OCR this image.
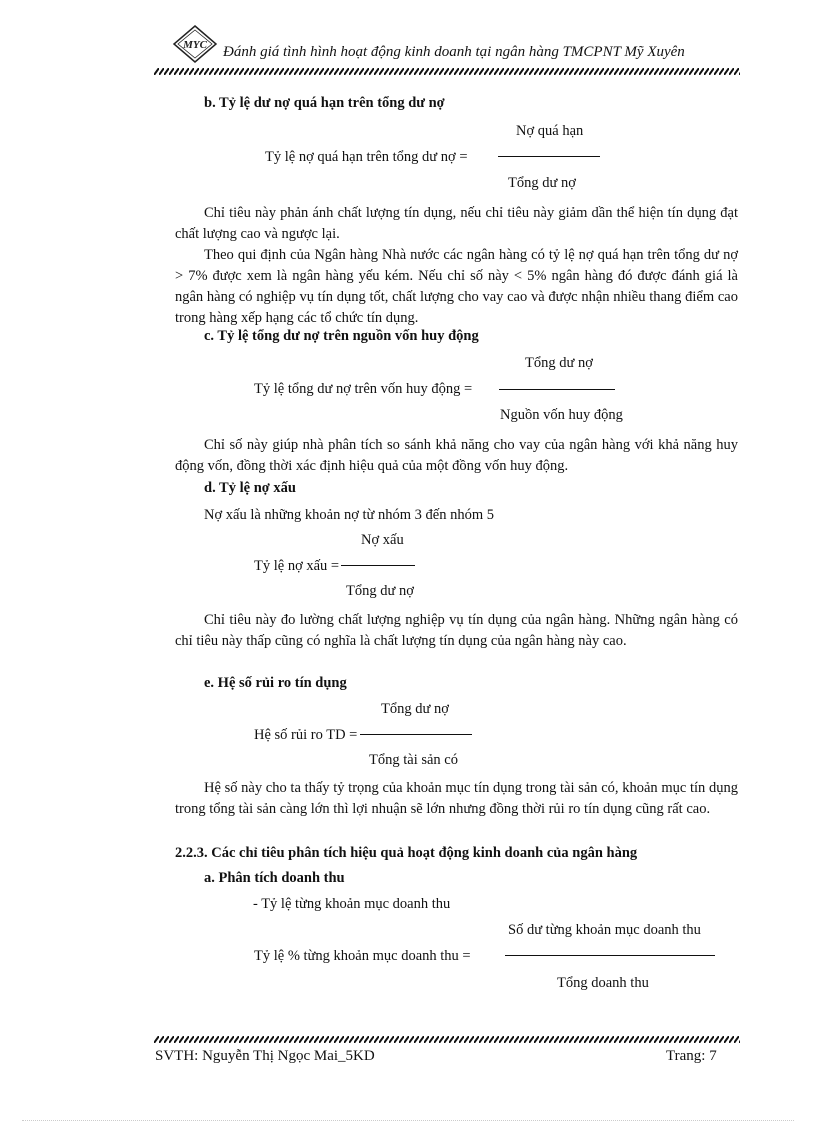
MYC Đánh giá tình hình hoạt động kinh doanh tại ngân hàng TMCPNT Mỹ Xuyên
b. Tỷ lệ dư nợ quá hạn trên tổng dư nợ
Nợ quá hạn
Tỷ lệ nợ quá hạn trên tổng dư nợ =
Tổng dư nợ
Chỉ tiêu này phản ánh chất lượng tín dụng, nếu chỉ tiêu này giảm dần thể hiện tín dụng đạt chất lượng cao và ngược lại.
Theo qui định của Ngân hàng Nhà nước các ngân hàng có tỷ lệ nợ quá hạn trên tổng dư nợ > 7% được xem là ngân hàng yếu kém. Nếu chỉ số này < 5% ngân hàng đó được đánh giá là ngân hàng có nghiệp vụ tín dụng tốt, chất lượng cho vay cao và được nhận nhiều thang điểm cao trong hàng xếp hạng các tổ chức tín dụng.
c. Tỷ lệ tổng dư nợ trên nguồn vốn huy động
Tổng dư nợ
Tỷ lệ tổng dư nợ trên vốn huy động =
Nguồn vốn huy động
Chỉ số này giúp nhà phân tích so sánh khả năng cho vay của ngân hàng với khả năng huy động vốn, đồng thời xác định hiệu quả của một đồng vốn huy động.
d. Tỷ lệ nợ xấu
Nợ xấu là những khoản nợ từ nhóm 3 đến nhóm 5
Nợ xấu
Tỷ lệ nợ xấu =
Tổng dư nợ
Chỉ tiêu này đo lường chất lượng nghiệp vụ tín dụng của ngân hàng. Những ngân hàng có chỉ tiêu này thấp cũng có nghĩa là chất lượng tín dụng của ngân hàng này cao.
e. Hệ số rủi ro tín dụng
Tổng dư nợ
Hệ số rủi ro TD =
Tổng tài sản có
Hệ số này cho ta thấy tỷ trọng của khoản mục tín dụng trong tài sản có, khoản mục tín dụng trong tổng tài sản càng lớn thì lợi nhuận sẽ lớn nhưng đồng thời rủi ro tín dụng cũng rất cao.
2.2.3. Các chỉ tiêu phân tích hiệu quả hoạt động kinh doanh của ngân hàng
a. Phân tích doanh thu
- Tỷ lệ từng khoản mục doanh thu
Số dư từng khoản mục doanh thu
Tỷ lệ % từng khoản mục doanh thu =
Tổng doanh thu
SVTH: Nguyễn Thị Ngọc Mai_5KD	Trang: 7
